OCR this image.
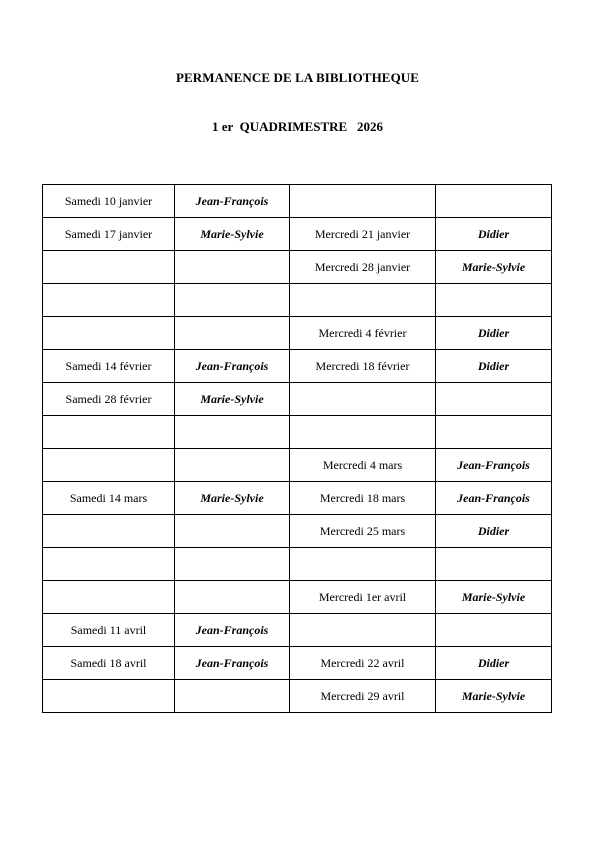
PERMANENCE DE LA BIBLIOTHEQUE
1 er  QUADRIMESTRE   2026
Samedi 10 janvier	Jean-François		
Samedi 17 janvier	Marie-Sylvie	Mercredi 21 janvier	Didier
		Mercredi 28 janvier	Marie-Sylvie

		Mercredi 4 février	Didier
Samedi 14 février	Jean-François	Mercredi 18 février	Didier
Samedi 28 février	Marie-Sylvie		

		Mercredi 4 mars	Jean-François
Samedi 14 mars	Marie-Sylvie	Mercredi 18 mars	Jean-François
		Mercredi 25 mars	Didier

		Mercredi 1er avril	Marie-Sylvie
Samedi 11 avril	Jean-François		
Samedi 18 avril	Jean-François	Mercredi 22 avril	Didier
		Mercredi 29 avril	Marie-Sylvie
